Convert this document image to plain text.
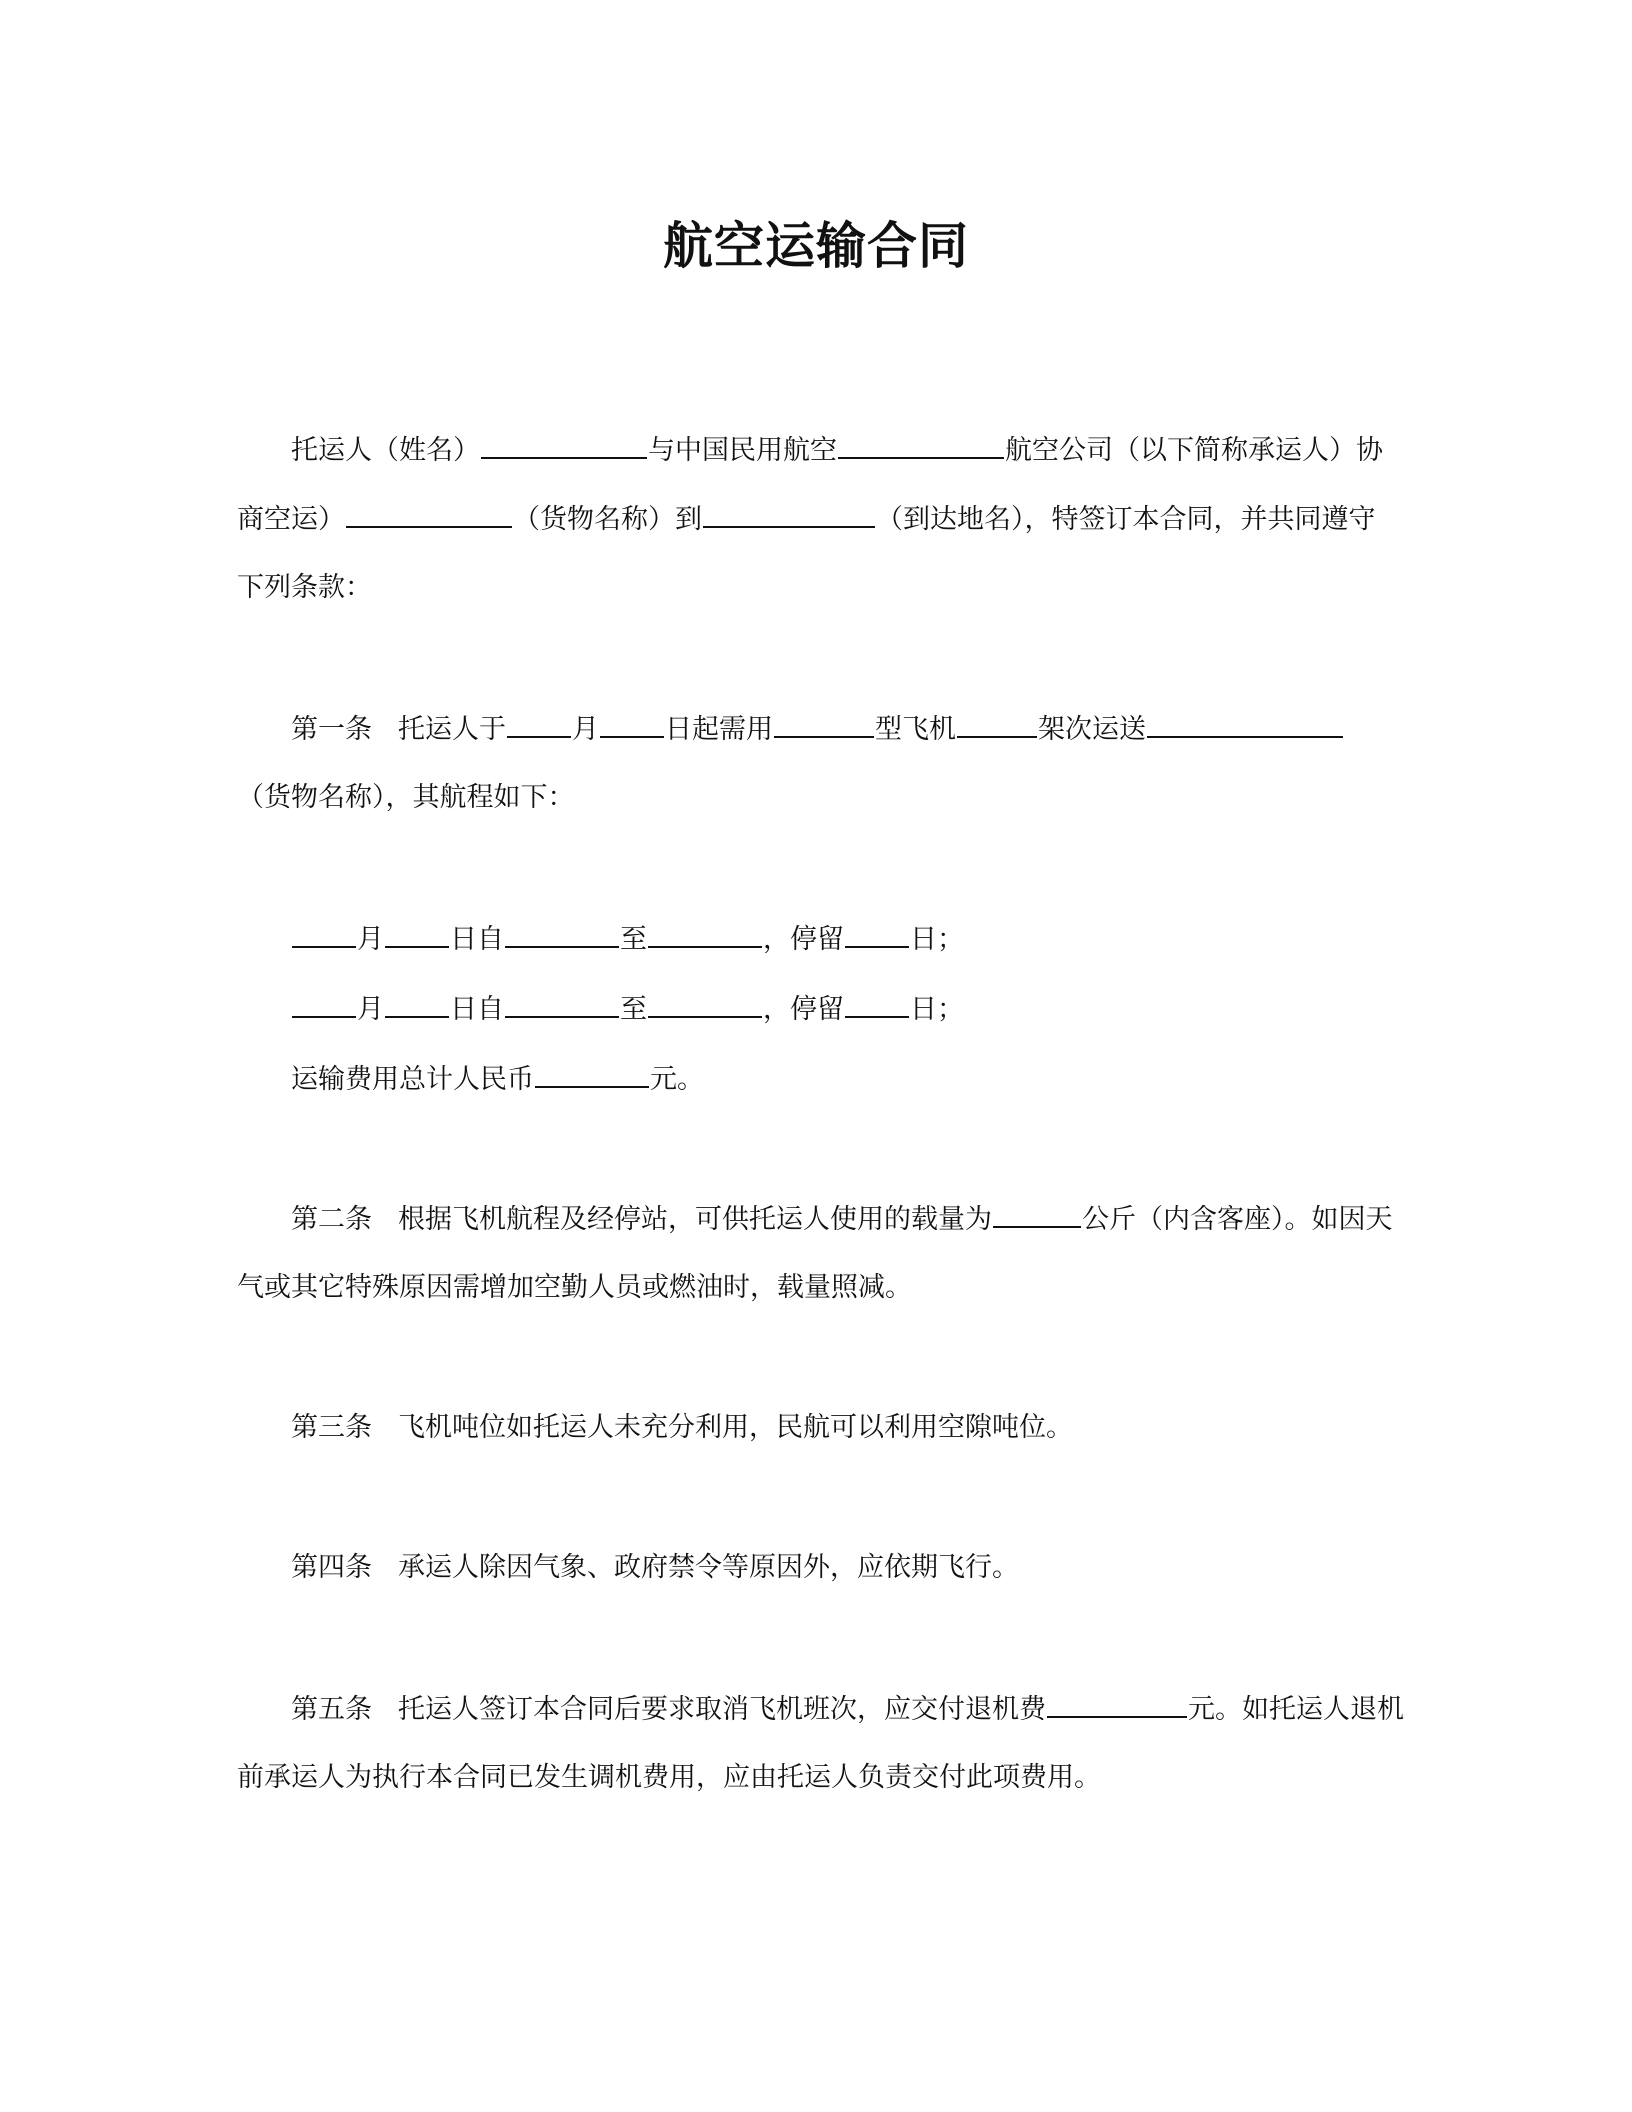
航空运输合同
托运人（姓名）	与中国民用航空	航空公司（以下简称承运人）协
商空运）	（货物名称）到	（到达地名），特签订本合同，并共同遵守
下列条款：
第一条 托运人于 月 日起需用	型飞机	架次运送
（货物名称），其航程如下：
月 日自	至	，停留 日；
月 日自	至	，停留 日；
运输费用总计人民币	元。
第二条 根据飞机航程及经停站，可供托运人使用的载量为	公斤（内含客座）。如因天
气或其它特殊原因需增加空勤人员或燃油时，载量照减。
第三条 飞机吨位如托运人未充分利用，民航可以利用空隙吨位。
第四条 承运人除因气象、政府禁令等原因外，应依期飞行。
第五条 托运人签订本合同后要求取消飞机班次，应交付退机费	元。如托运人退机
前承运人为执行本合同已发生调机费用，应由托运人负责交付此项费用。
